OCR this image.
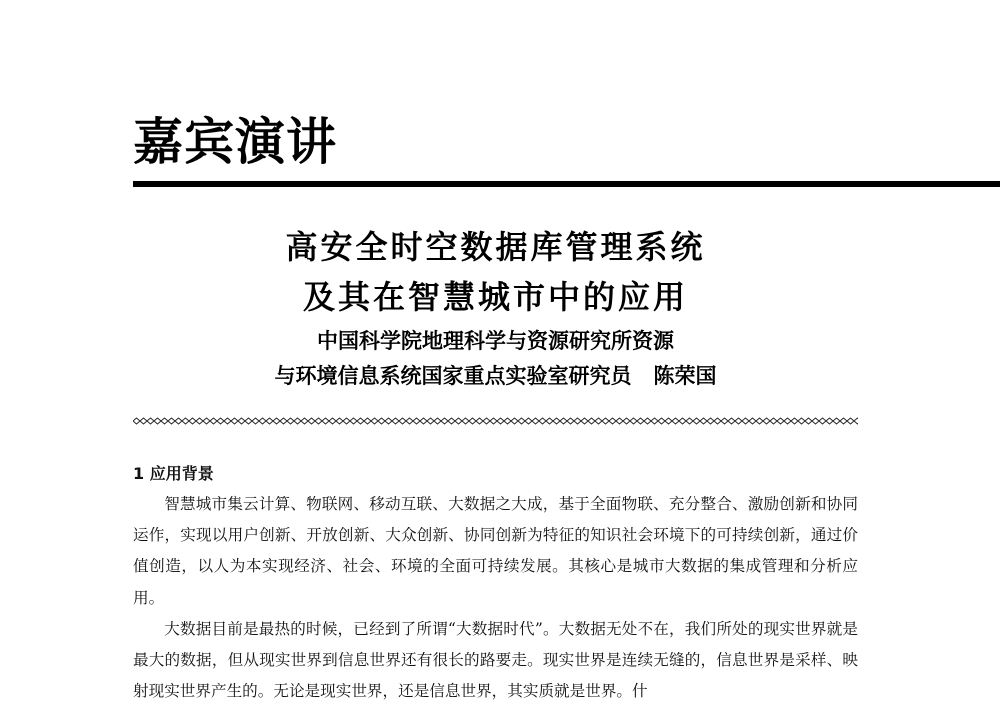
嘉宾演讲
高安全时空数据库管理系统
及其在智慧城市中的应用
中国科学院地理科学与资源研究所资源
与环境信息系统国家重点实验室研究员 陈荣国
1 应用背景

智慧城市集云计算、物联网、移动互联、大数据之大成，基于全面物联、充分整合、激励创新和协同运作，实现以用户创新、开放创新、大众创新、协同创新为特征的知识社会环境下的可持续创新，通过价值创造，以人为本实现经济、社会、环境的全面可持续发展。其核心是城市大数据的集成管理和分析应用。

大数据目前是最热的时候，已经到了所谓“大数据时代”。大数据无处不在，我们所处的现实世界就是最大的数据，但从现实世界到信息世界还有很长的路要走。现实世界是连续无缝的，信息世界是采样、映射现实世界产生的。无论是现实世界，还是信息世界，其实质就是世界。什
